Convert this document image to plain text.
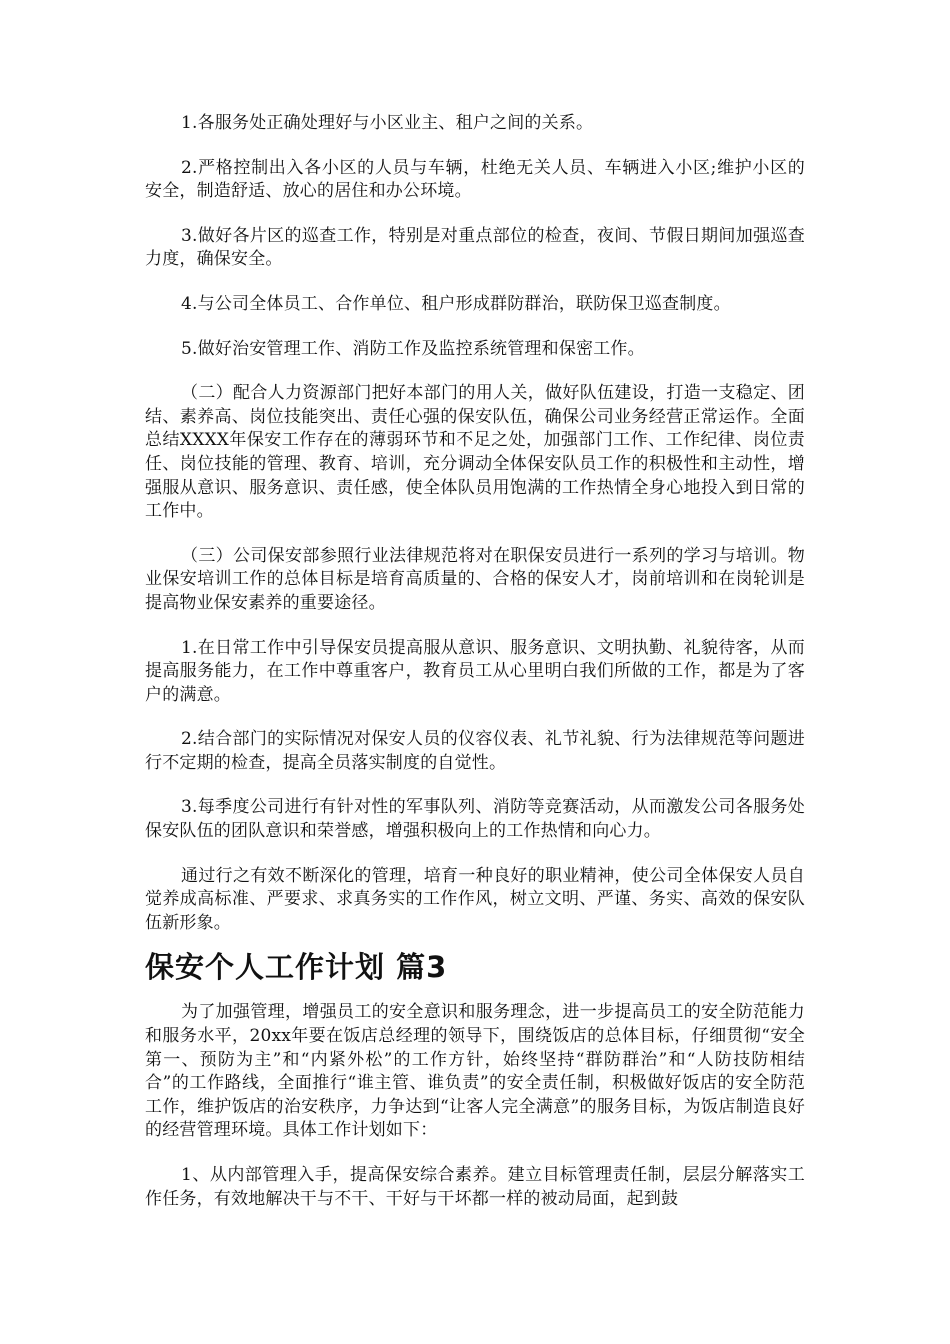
1.各服务处正确处理好与小区业主、租户之间的关系。

2.严格控制出入各小区的人员与车辆，杜绝无关人员、车辆进入小区;维护小区的安全，制造舒适、放心的居住和办公环境。

3.做好各片区的巡查工作，特别是对重点部位的检查，夜间、节假日期间加强巡查力度，确保安全。

4.与公司全体员工、合作单位、租户形成群防群治，联防保卫巡查制度。

5.做好治安管理工作、消防工作及监控系统管理和保密工作。

（二）配合人力资源部门把好本部门的用人关，做好队伍建设，打造一支稳定、团结、素养高、岗位技能突出、责任心强的保安队伍，确保公司业务经营正常运作。全面总结XXXX年保安工作存在的薄弱环节和不足之处，加强部门工作、工作纪律、岗位责任、岗位技能的管理、教育、培训，充分调动全体保安队员工作的积极性和主动性，增强服从意识、服务意识、责任感，使全体队员用饱满的工作热情全身心地投入到日常的工作中。

（三）公司保安部参照行业法律规范将对在职保安员进行一系列的学习与培训。物业保安培训工作的总体目标是培育高质量的、合格的保安人才，岗前培训和在岗轮训是提高物业保安素养的重要途径。

1.在日常工作中引导保安员提高服从意识、服务意识、文明执勤、礼貌待客，从而提高服务能力，在工作中尊重客户，教育员工从心里明白我们所做的工作，都是为了客户的满意。

2.结合部门的实际情况对保安人员的仪容仪表、礼节礼貌、行为法律规范等问题进行不定期的检查，提高全员落实制度的自觉性。

3.每季度公司进行有针对性的军事队列、消防等竞赛活动，从而激发公司各服务处保安队伍的团队意识和荣誉感，增强积极向上的工作热情和向心力。

通过行之有效不断深化的管理，培育一种良好的职业精神，使公司全体保安人员自觉养成高标准、严要求、求真务实的工作作风，树立文明、严谨、务实、高效的保安队伍新形象。

保安个人工作计划 篇3

为了加强管理，增强员工的安全意识和服务理念，进一步提高员工的安全防范能力和服务水平，20xx年要在饭店总经理的领导下，围绕饭店的总体目标，仔细贯彻“安全第一、预防为主”和“内紧外松”的工作方针，始终坚持“群防群治”和“人防技防相结合”的工作路线，全面推行“谁主管、谁负责”的安全责任制，积极做好饭店的安全防范工作，维护饭店的治安秩序，力争达到“让客人完全满意”的服务目标，为饭店制造良好的经营管理环境。具体工作计划如下：

1、从内部管理入手，提高保安综合素养。建立目标管理责任制，层层分解落实工作任务，有效地解决干与不干、干好与干坏都一样的被动局面，起到鼓
